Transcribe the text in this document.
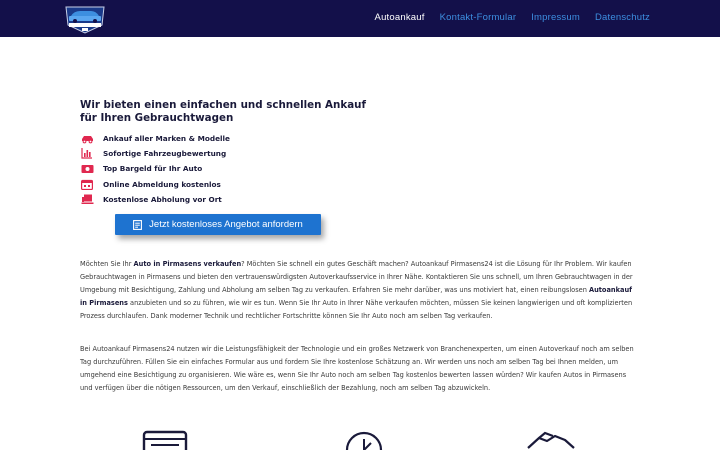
Autoankauf Kontakt-Formular Impressum Datenschutz
Wir bieten einen einfachen und schnellen Ankauf für Ihren Gebrauchtwagen
Ankauf aller Marken & Modelle
Sofortige Fahrzeugbewertung
Top Bargeld für Ihr Auto
Online Abmeldung kostenlos
Kostenlose Abholung vor Ort
Jetzt kostenloses Angebot anfordern

Möchten Sie Ihr Auto in Pirmasens verkaufen? Möchten Sie schnell ein gutes Geschäft machen? Autoankauf Pirmasens24 ist die Lösung für Ihr Problem. Wir kaufen Gebrauchtwagen in Pirmasens und bieten den vertrauenswürdigsten Autoverkaufsservice in Ihrer Nähe. Kontaktieren Sie uns schnell, um Ihren Gebrauchtwagen in der Umgebung mit Besichtigung, Zahlung und Abholung am selben Tag zu verkaufen. Erfahren Sie mehr darüber, was uns motiviert hat, einen reibungslosen Autoankauf in Pirmasens anzubieten und so zu führen, wie wir es tun. Wenn Sie Ihr Auto in Ihrer Nähe verkaufen möchten, müssen Sie keinen langwierigen und oft komplizierten Prozess durchlaufen. Dank moderner Technik und rechtlicher Fortschritte können Sie Ihr Auto noch am selben Tag verkaufen.

Bei Autoankauf Pirmasens24 nutzen wir die Leistungsfähigkeit der Technologie und ein großes Netzwerk von Branchenexperten, um einen Autoverkauf noch am selben Tag durchzuführen. Füllen Sie ein einfaches Formular aus und fordern Sie Ihre kostenlose Schätzung an. Wir werden uns noch am selben Tag bei Ihnen melden, um umgehend eine Besichtigung zu organisieren. Wie wäre es, wenn Sie Ihr Auto noch am selben Tag kostenlos bewerten lassen würden? Wir kaufen Autos in Pirmasens und verfügen über die nötigen Ressourcen, um den Verkauf, einschließlich der Bezahlung, noch am selben Tag abzuwickeln.
